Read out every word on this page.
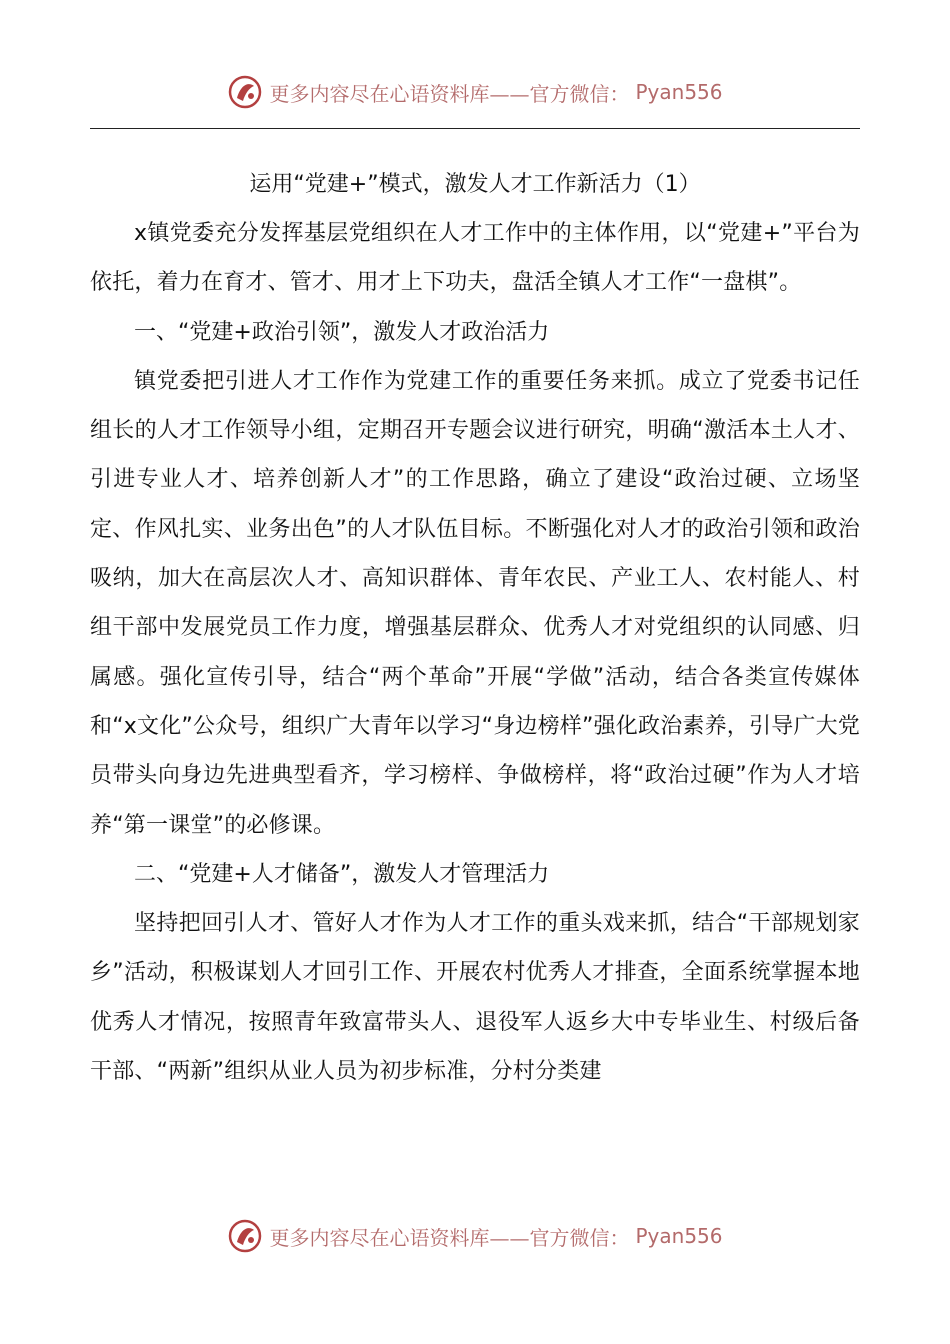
更多内容尽在心语资料库——官方微信： Pyan556

运用“党建+”模式，激发人才工作新活力（1）

x镇党委充分发挥基层党组织在人才工作中的主体作用，以“党建+”平台为依托，着力在育才、管才、用才上下功夫，盘活全镇人才工作“一盘棋”。

一、“党建+政治引领”，激发人才政治活力

镇党委把引进人才工作作为党建工作的重要任务来抓。成立了党委书记任组长的人才工作领导小组，定期召开专题会议进行研究，明确“激活本土人才、引进专业人才、培养创新人才”的工作思路，确立了建设“政治过硬、立场坚定、作风扎实、业务出色”的人才队伍目标。不断强化对人才的政治引领和政治吸纳，加大在高层次人才、高知识群体、青年农民、产业工人、农村能人、村组干部中发展党员工作力度，增强基层群众、优秀人才对党组织的认同感、归属感。强化宣传引导，结合“两个革命”开展“学做”活动，结合各类宣传媒体和“x文化”公众号，组织广大青年以学习“身边榜样”强化政治素养，引导广大党员带头向身边先进典型看齐，学习榜样、争做榜样，将“政治过硬”作为人才培养“第一课堂”的必修课。

二、“党建+人才储备”，激发人才管理活力

坚持把回引人才、管好人才作为人才工作的重头戏来抓，结合“干部规划家乡”活动，积极谋划人才回引工作、开展农村优秀人才排查，全面系统掌握本地优秀人才情况，按照青年致富带头人、退役军人返乡大中专毕业生、村级后备干部、“两新”组织从业人员为初步标准，分村分类建

更多内容尽在心语资料库——官方微信： Pyan556
